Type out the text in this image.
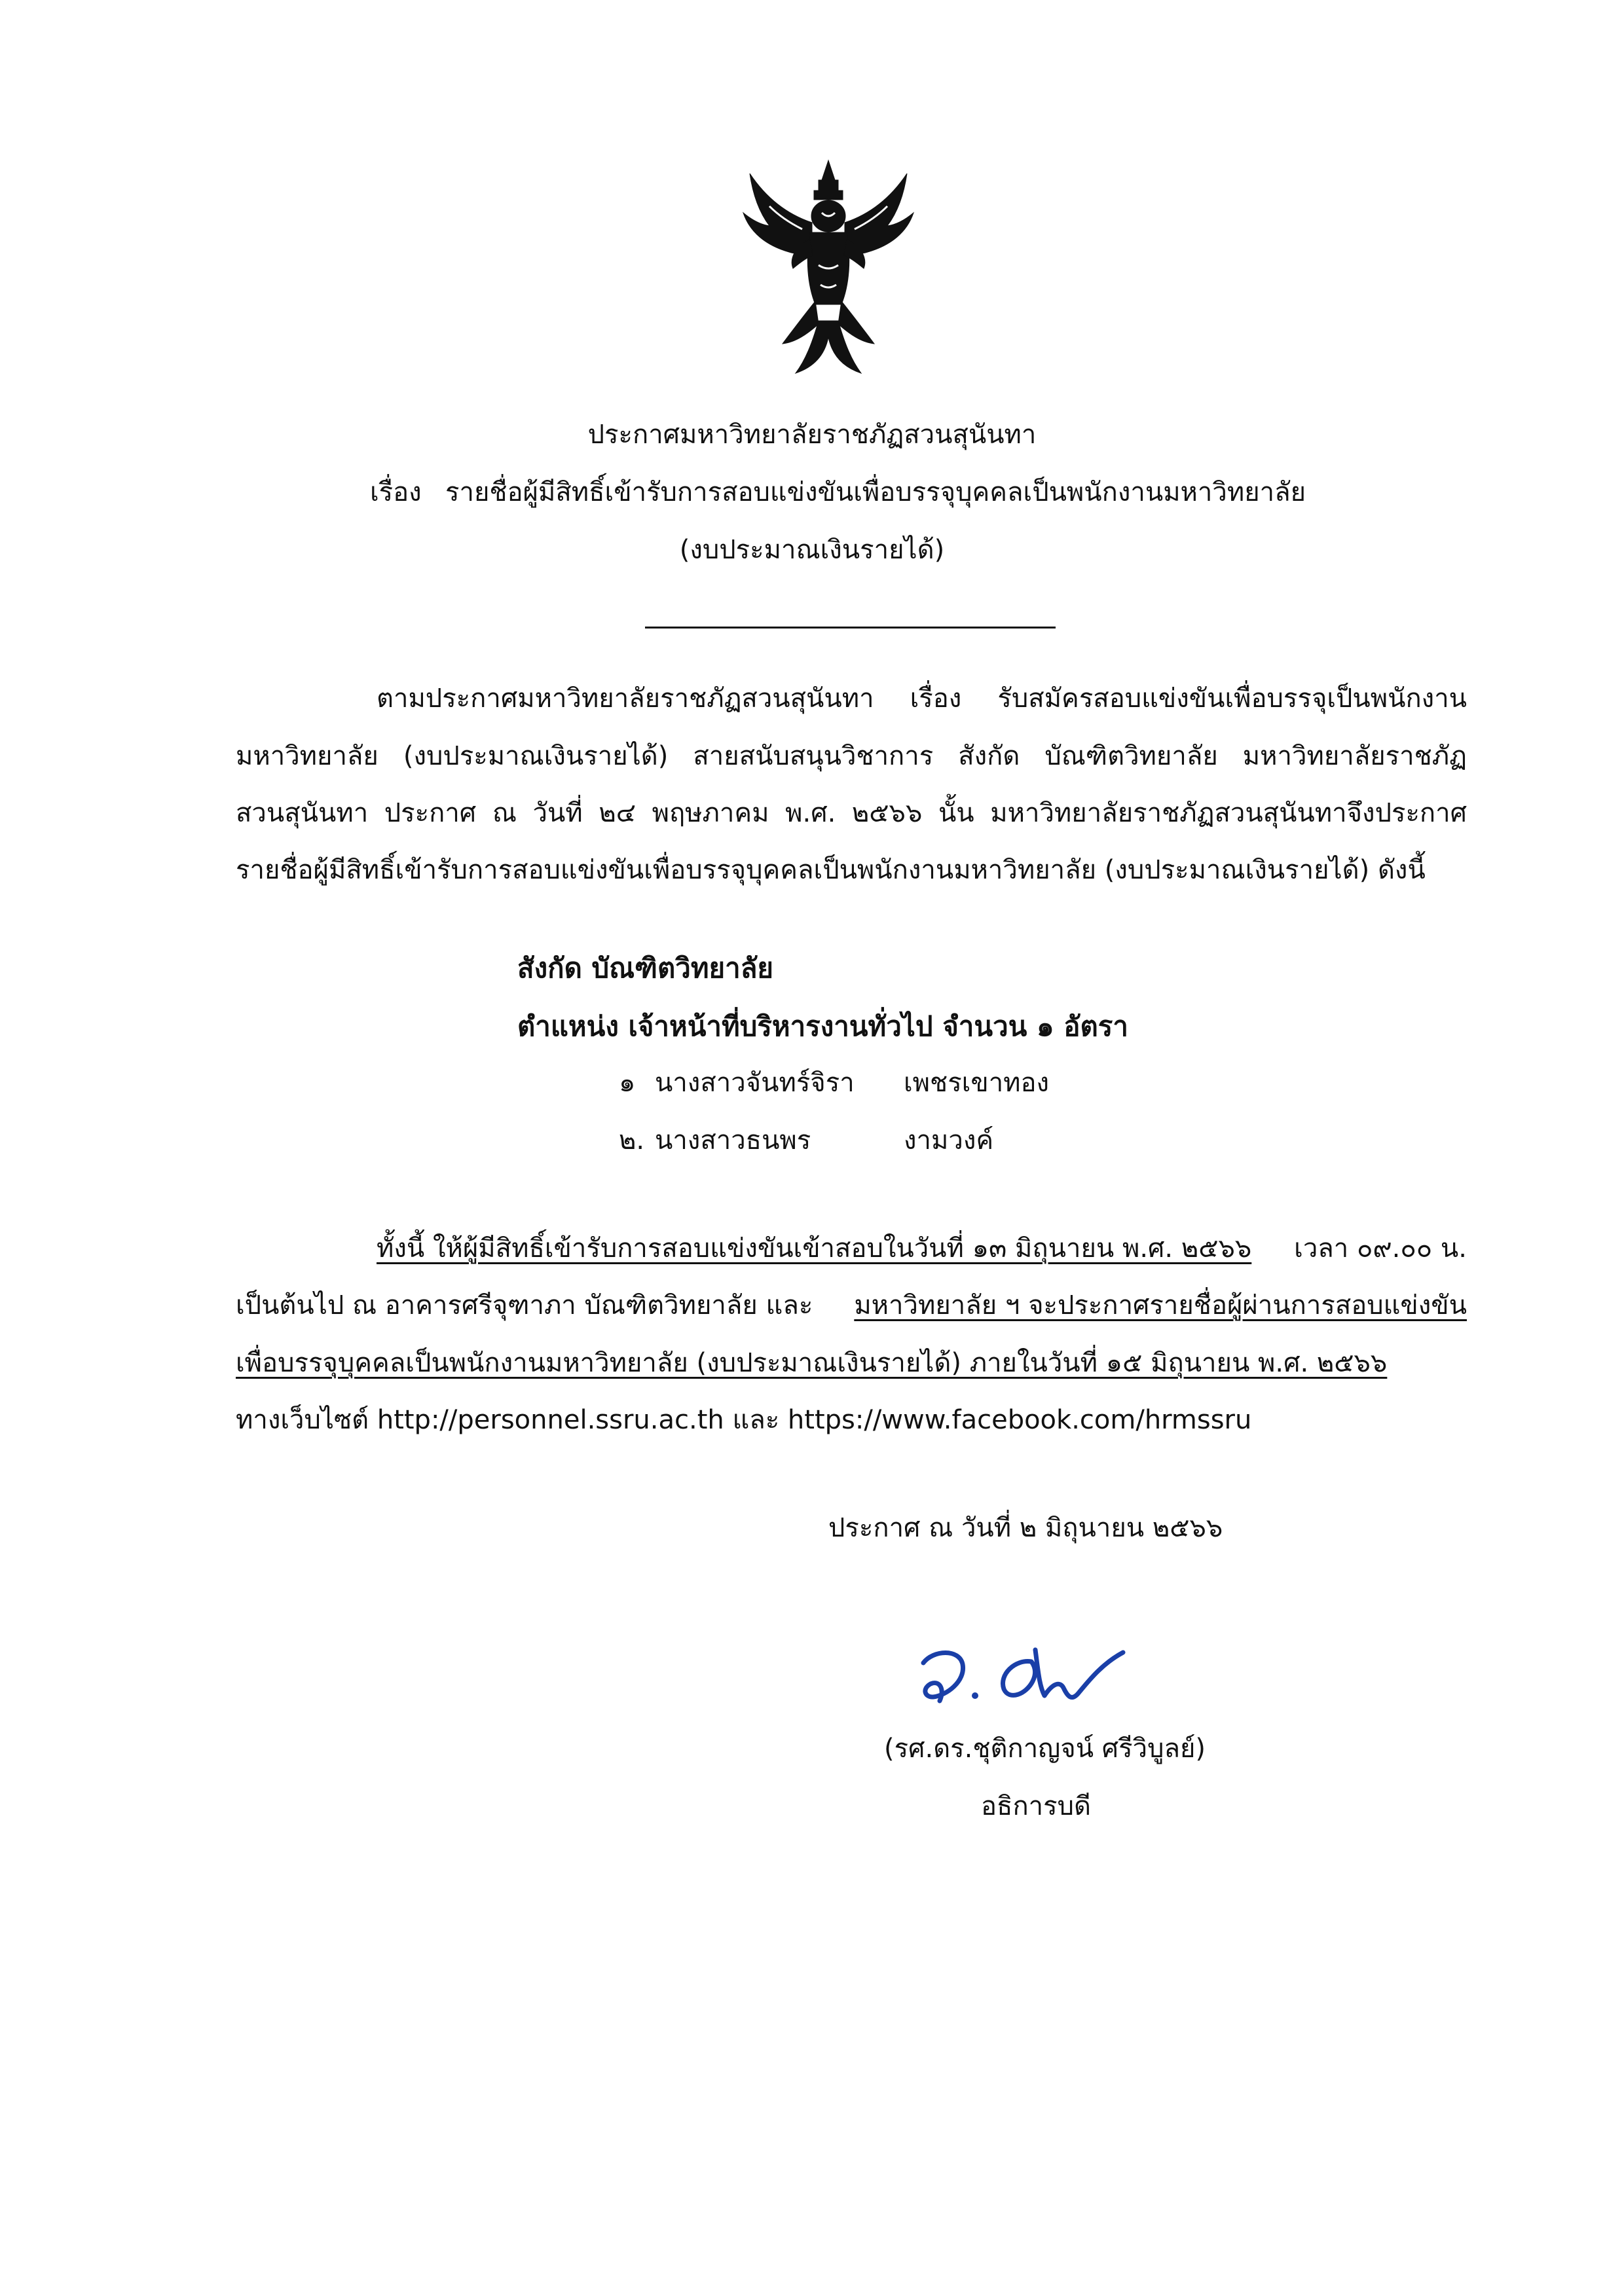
ประกาศมหาวิทยาลัยราชภัฏสวนสุนันทา
เรื่อง รายชื่อผู้มีสิทธิ์เข้ารับการสอบแข่งขันเพื่อบรรจุบุคคลเป็นพนักงานมหาวิทยาลัย
(งบประมาณเงินรายได้)
ตามประกาศมหาวิทยาลัยราชภัฏสวนสุนันทา เรื่อง รับสมัครสอบแข่งขันเพื่อบรรจุเป็นพนักงาน
มหาวิทยาลัย (งบประมาณเงินรายได้) สายสนับสนุนวิชาการ สังกัด บัณฑิตวิทยาลัย มหาวิทยาลัยราชภัฏ
สวนสุนันทา ประกาศ ณ วันที่ ๒๔ พฤษภาคม พ.ศ. ๒๕๖๖ นั้น มหาวิทยาลัยราชภัฏสวนสุนันทาจึงประกาศ
รายชื่อผู้มีสิทธิ์เข้ารับการสอบแข่งขันเพื่อบรรจุบุคคลเป็นพนักงานมหาวิทยาลัย (งบประมาณเงินรายได้) ดังนี้
สังกัด บัณฑิตวิทยาลัย
ตำแหน่ง เจ้าหน้าที่บริหารงานทั่วไป จำนวน ๑ อัตรา
๑ นางสาวจันทร์จิรา เพชรเขาทอง
๒. นางสาวธนพร	งามวงค์
ทั้งนี้ ให้ผู้มีสิทธิ์เข้ารับการสอบแข่งขันเข้าสอบในวันที่ ๑๓ มิถุนายน พ.ศ. ๒๕๖๖ เวลา ๐๙.๐๐ น.
เป็นต้นไป ณ อาคารศรีจุฑาภา บัณฑิตวิทยาลัย และ มหาวิทยาลัย ฯ จะประกาศรายชื่อผู้ผ่านการสอบแข่งขัน
เพื่อบรรจุบุคคลเป็นพนักงานมหาวิทยาลัย (งบประมาณเงินรายได้) ภายในวันที่ ๑๕ มิถุนายน พ.ศ. ๒๕๖๖
ทางเว็บไซต์ http://personnel.ssru.ac.th และ https://www.facebook.com/hrmssru
ประกาศ ณ วันที่ ๒ มิถุนายน ๒๕๖๖
(รศ.ดร.ชุติกาญจน์ ศรีวิบูลย์)
อธิการบดี
